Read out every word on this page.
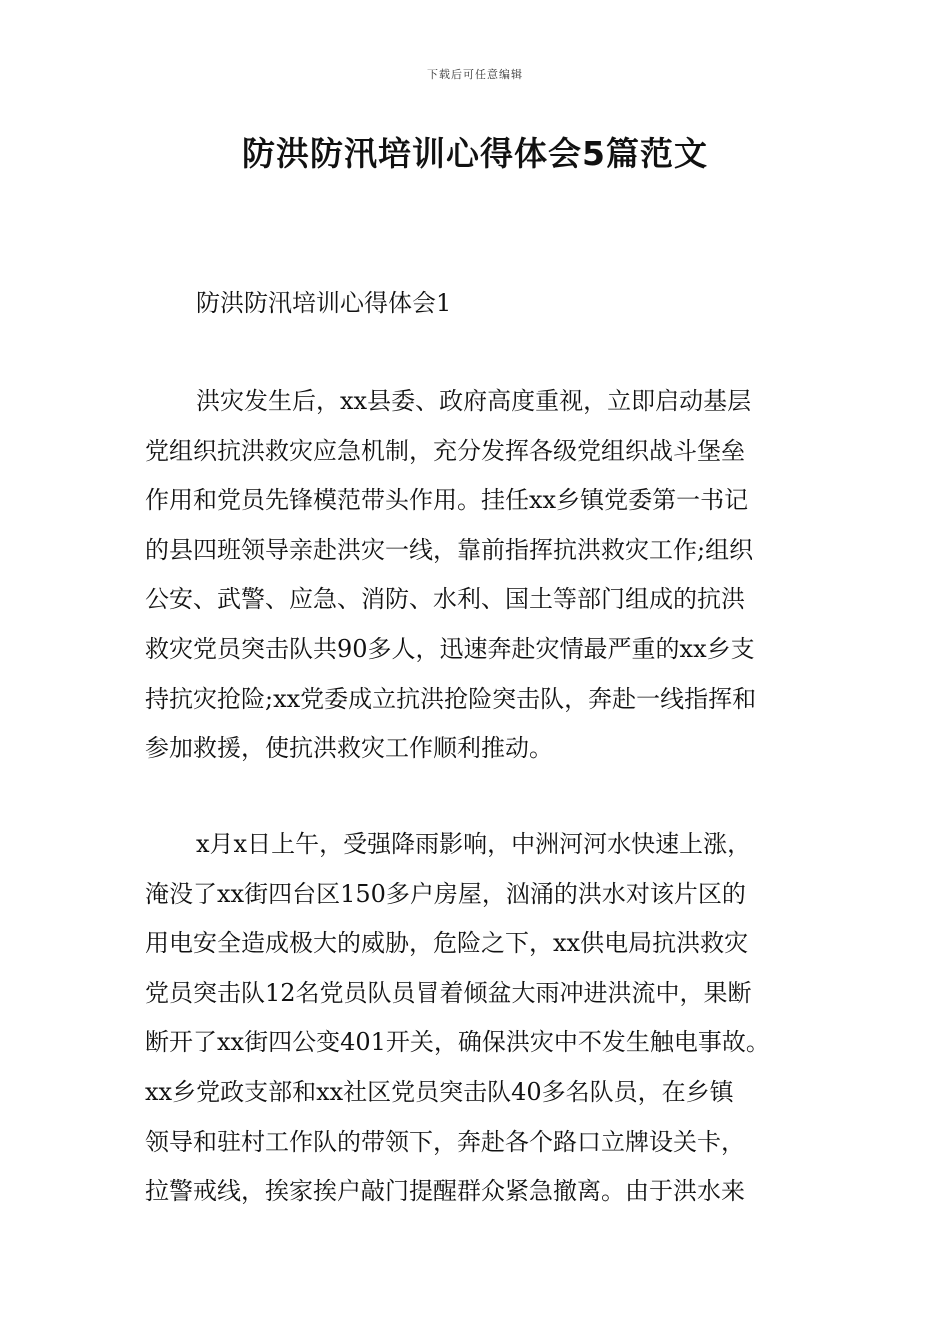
下载后可任意编辑
防洪防汛培训心得体会5篇范文
防洪防汛培训心得体会1
洪灾发生后，xx县委、政府高度重视，立即启动基层
党组织抗洪救灾应急机制，充分发挥各级党组织战斗堡垒
作用和党员先锋模范带头作用。挂任xx乡镇党委第一书记
的县四班领导亲赴洪灾一线，靠前指挥抗洪救灾工作;组织
公安、武警、应急、消防、水利、国土等部门组成的抗洪
救灾党员突击队共90多人，迅速奔赴灾情最严重的xx乡支
持抗灾抢险;xx党委成立抗洪抢险突击队，奔赴一线指挥和
参加救援，使抗洪救灾工作顺利推动。
x月x日上午，受强降雨影响，中洲河河水快速上涨，
淹没了xx街四台区150多户房屋，汹涌的洪水对该片区的
用电安全造成极大的威胁，危险之下，xx供电局抗洪救灾
党员突击队12名党员队员冒着倾盆大雨冲进洪流中，果断
断开了xx街四公变401开关，确保洪灾中不发生触电事故。
xx乡党政支部和xx社区党员突击队40多名队员，在乡镇
领导和驻村工作队的带领下，奔赴各个路口立牌设关卡，
拉警戒线，挨家挨户敲门提醒群众紧急撤离。由于洪水来
